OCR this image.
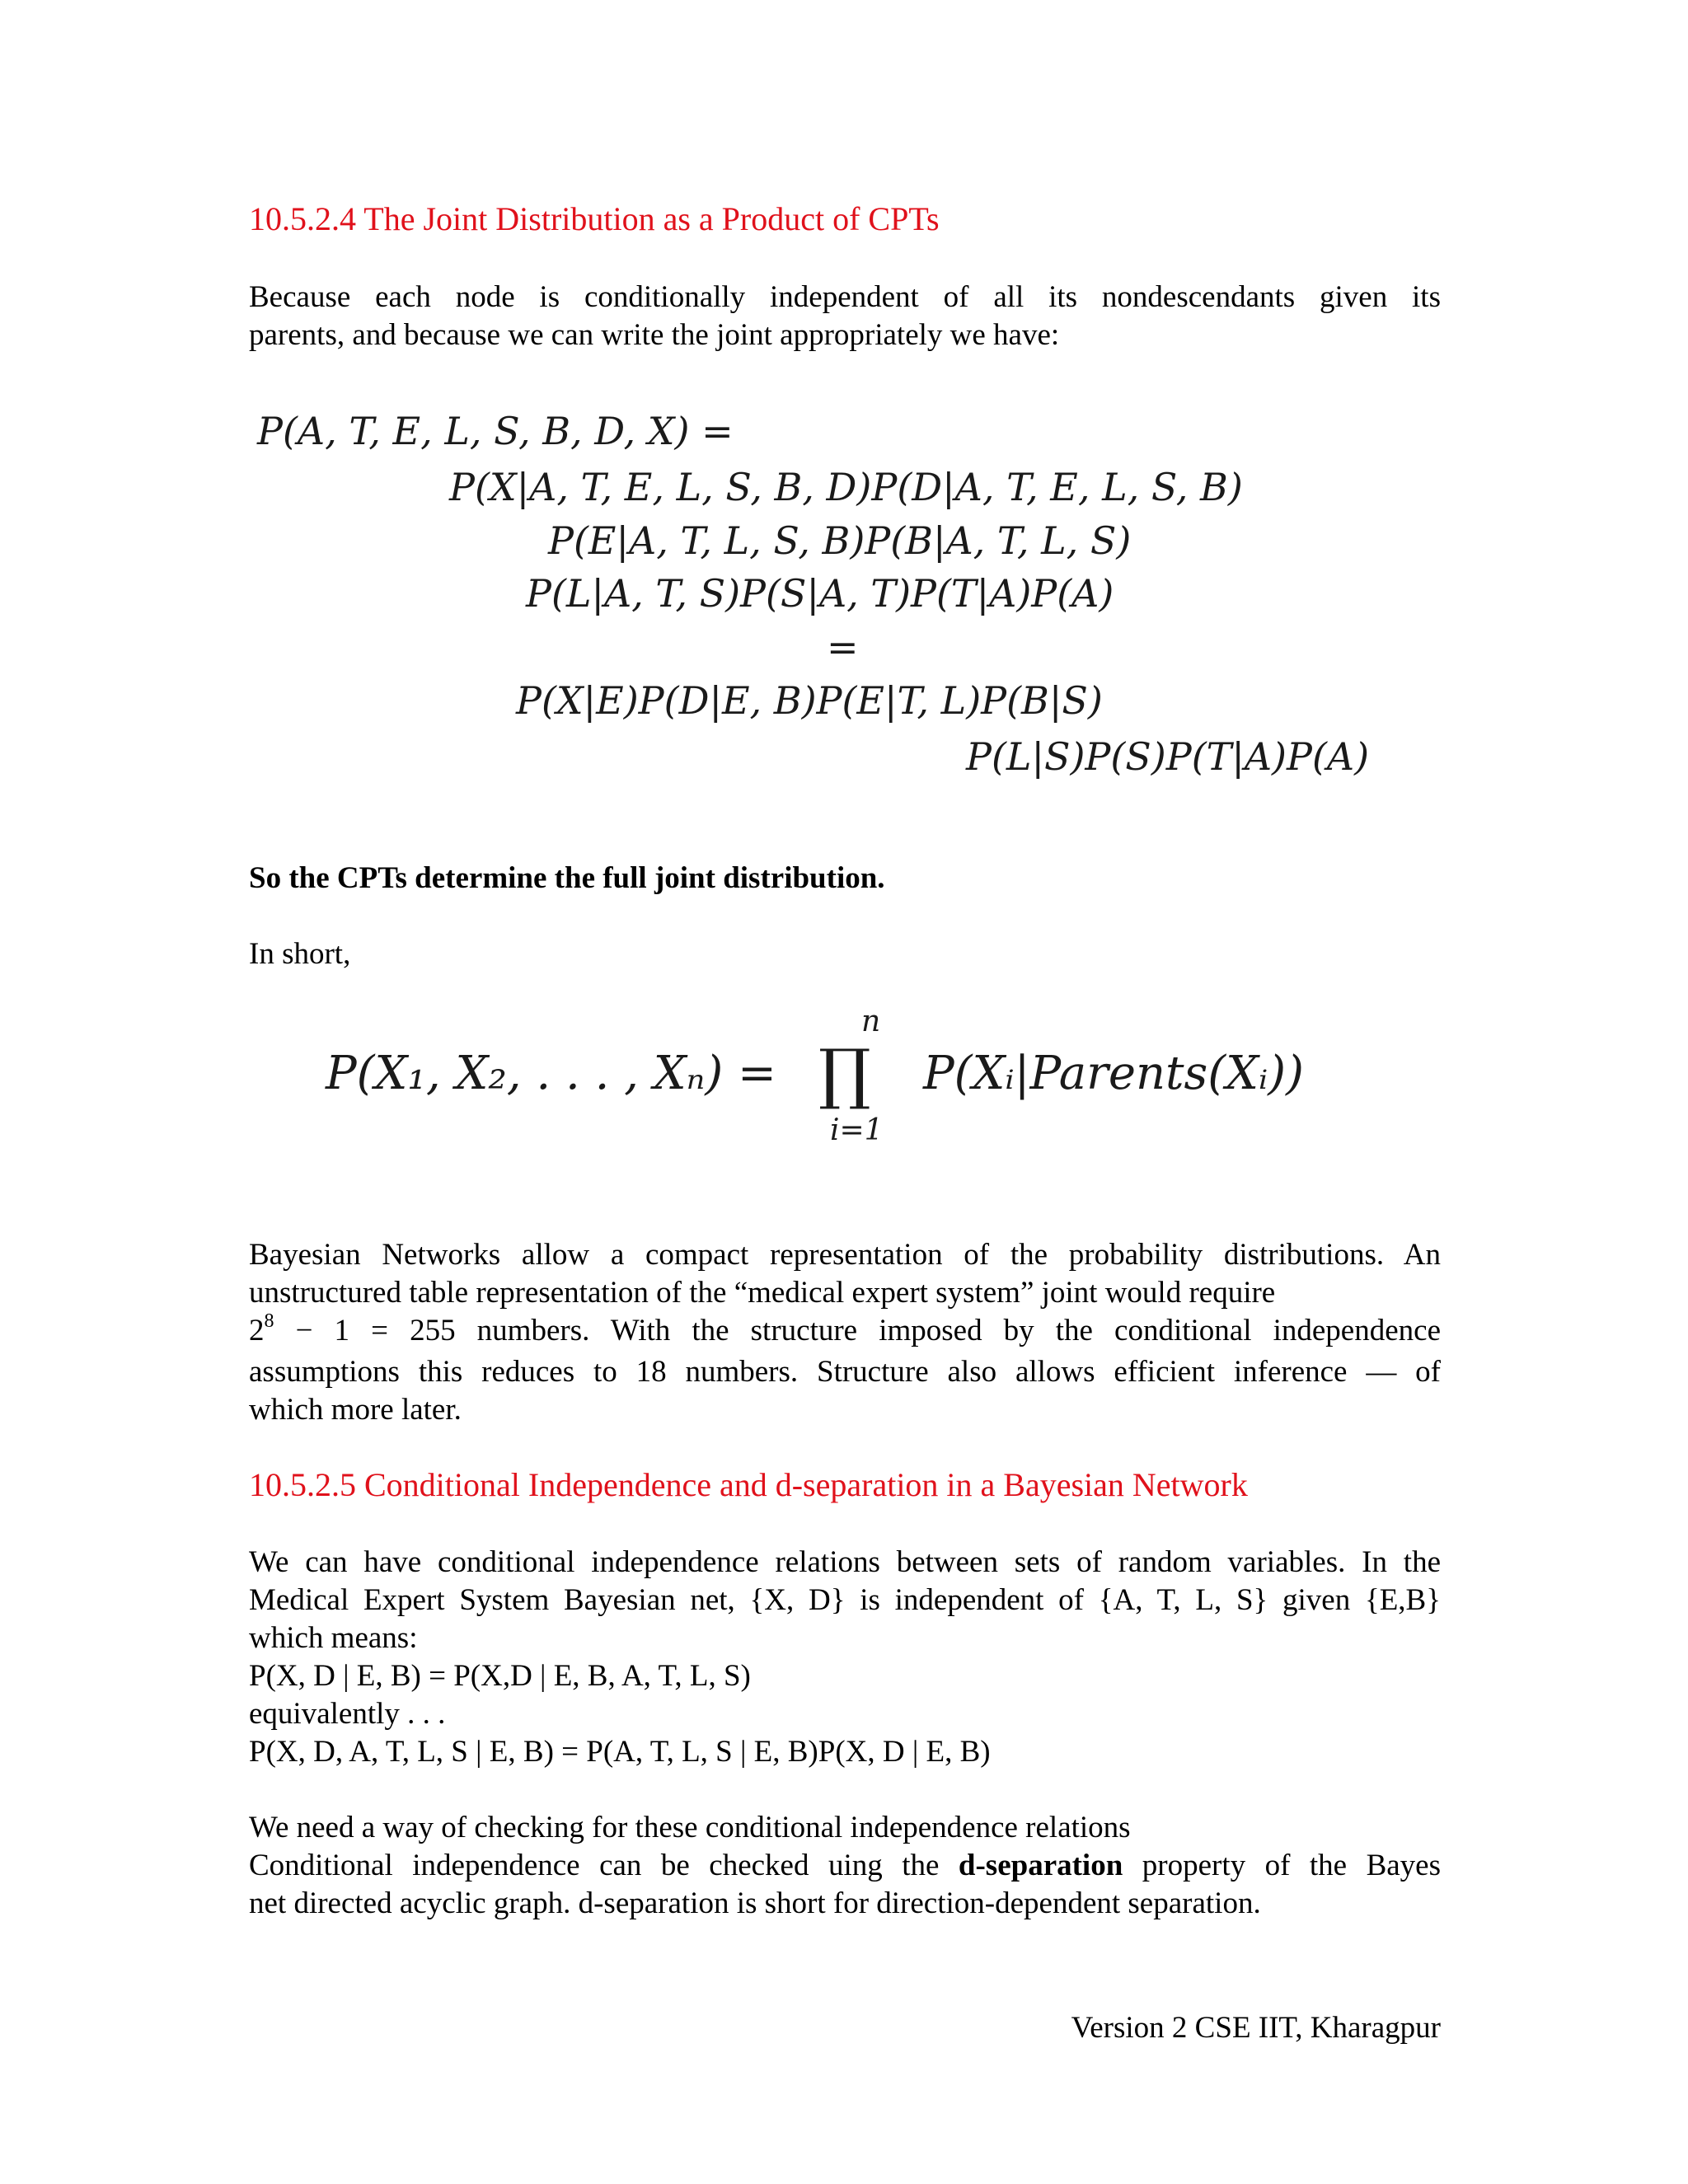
10.5.2.4 The Joint Distribution as a Product of CPTs
Because each node is conditionally independent of all its nondescendants given its
parents, and because we can write the joint appropriately we have:
P(A, T, E, L, S, B, D, X) =
P(X|A, T, E, L, S, B, D)P(D|A, T, E, L, S, B)
P(E|A, T, L, S, B)P(B|A, T, L, S)
P(L|A, T, S)P(S|A, T)P(T|A)P(A)
=
P(X|E)P(D|E, B)P(E|T, L)P(B|S)
P(L|S)P(S)P(T|A)P(A)
So the CPTs determine the full joint distribution.
In short,
P(X₁, X₂, . . . , Xₙ) =
n
∏
i=1
P(Xᵢ|Parents(Xᵢ))
Bayesian Networks allow a compact representation of the probability distributions. An
unstructured table representation of the “medical expert system” joint would require
$2^8 - 1 = 255$ numbers. With the structure imposed by the conditional independence
assumptions this reduces to 18 numbers. Structure also allows efficient inference — of
which more later.
10.5.2.5 Conditional Independence and d-separation in a Bayesian Network
We can have conditional independence relations between sets of random variables. In the
Medical Expert System Bayesian net, {X, D} is independent of {A, T, L, S} given {E,B}
which means:
P(X, D | E, B) = P(X,D | E, B, A, T, L, S)
equivalently . . .
P(X, D, A, T, L, S | E, B) = P(A, T, L, S | E, B)P(X, D | E, B)
We need a way of checking for these conditional independence relations
Conditional independence can be checked uing the d-separation property of the Bayes
net directed acyclic graph. d-separation is short for direction-dependent separation.
Version 2 CSE IIT, Kharagpur
